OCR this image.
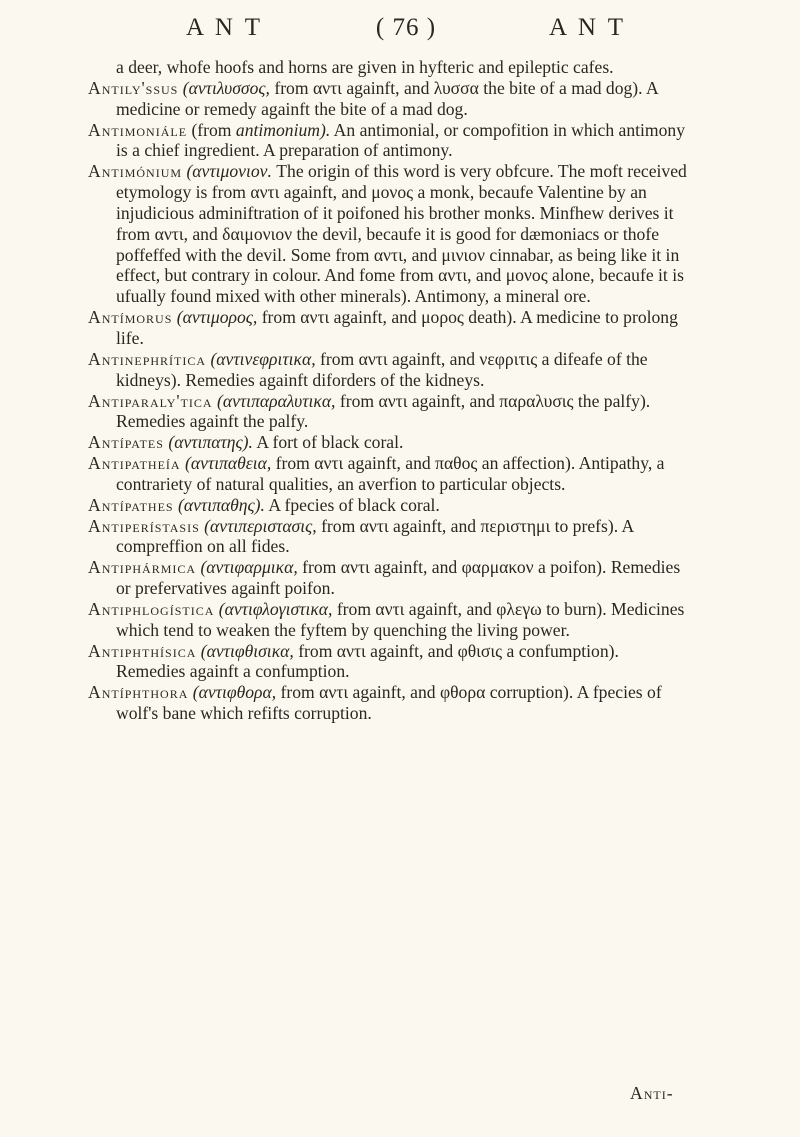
A N T	( 76 )	A N T

a deer, whofe hoofs and horns are given in hyfteric and epileptic cafes.

Antily'ssus (αντιλυσσος, from αντι againft, and λυσσα the bite of a mad dog). A medicine or remedy againft the bite of a mad dog.

Antimoniále (from antimonium). An antimonial, or compofition in which antimony is a chief ingredient. A preparation of antimony.

Antimónium (αντιμονιον. The origin of this word is very obfcure. The moft received etymology is from αντι againft, and μονος a monk, becaufe Valentine by an injudicious adminiftration of it poifoned his brother monks. Minfhew derives it from αντι, and δαιμονιον the devil, becaufe it is good for dæmoniacs or thofe poffeffed with the devil. Some from αντι, and μινιον cinnabar, as being like it in effect, but contrary in colour. And fome from αντι, and μονος alone, becaufe it is ufually found mixed with other minerals). Antimony, a mineral ore.

Antímorus (αντιμορος, from αντι againft, and μορος death). A medicine to prolong life.

Antinephrítica (αντινεφριτικα, from αντι againft, and νεφριτις a difeafe of the kidneys). Remedies againft diforders of the kidneys.

Antiparaly'tica (αντιπαραλυτικα, from αντι againft, and παραλυσις the palfy). Remedies againft the palfy.

Antípates (αντιπατης). A fort of black coral.

Antipatheía (αντιπαθεια, from αντι againft, and παθος an affection). Antipathy, a contrariety of natural qualities, an averfion to particular objects.

Antípathes (αντιπαθης). A fpecies of black coral.

Antiperístasis (αντιπεριστασις, from αντι againft, and περιστημι to prefs). A compreffion on all fides.

Antiphármica (αντιφαρμικα, from αντι againft, and φαρμακον a poifon). Remedies or prefervatives againft poifon.

Antiphlogística (αντιφλογιστικα, from αντι againft, and φλεγω to burn). Medicines which tend to weaken the fyftem by quenching the living power.

Antiphthísica (αντιφθισικα, from αντι againft, and φθισις a confumption). Remedies againft a confumption.

Antíphthora (αντιφθορα, from αντι againft, and φθορα corruption). A fpecies of wolf's bane which refifts corruption.

Anti-
